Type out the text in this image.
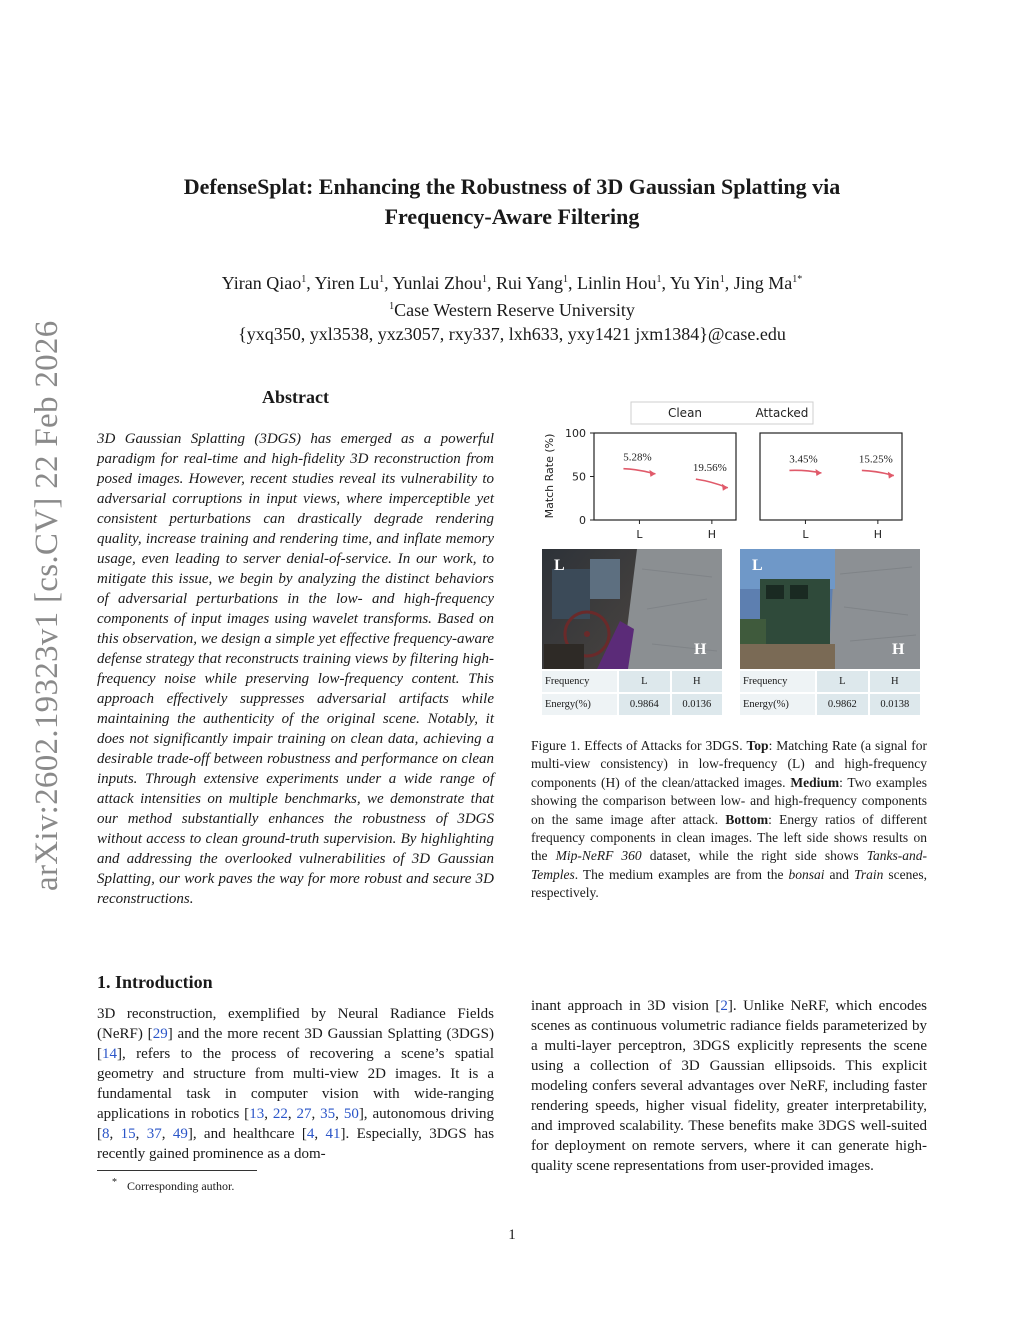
DefenseSplat: Enhancing the Robustness of 3D Gaussian Splatting via
Frequency-Aware Filtering
Yiran Qiao$^1$, Yiren Lu$^1$, Yunlai Zhou$^1$, Rui Yang$^1$, Linlin Hou$^1$, Yu Yin$^1$, Jing $Ma^{1*}$
$^1$Case Western Reserve University
{yxq350, yxl3538, yxz3057, rxy337, lxh633, yxy1421 jxm1384}@case.edu
arXiv:2602.19323v1 [cs.CV] 22 Feb 2026	Abstract
3D Gaussian Splatting (3DGS) has emerged as a powerful paradigm for real-time and high-fidelity 3D reconstruction from posed images. However, recent studies reveal its vulnerability to adversarial corruptions in input views, where imperceptible yet consistent perturbations can drastically degrade rendering quality, increase training and rendering time, and inflate memory usage, even leading to server denial-of-service. In our work, to mitigate this issue, we begin by analyzing the distinct behaviors of adversarial perturbations in the low- and high-frequency components of input images using wavelet transforms. Based on this observation, we design a simple yet effective frequency-aware defense strategy that reconstructs training views by filtering high-frequency noise while preserving low-frequency content. This approach effectively suppresses adversarial artifacts while maintaining the authenticity of the original scene. Notably, it does not significantly impair training on clean data, achieving a desirable trade-off between robustness and performance on clean inputs. Through extensive experiments under a wide range of attack intensities on multiple benchmarks, we demonstrate that our method substantially enhances the robustness of 3DGS without access to clean ground-truth supervision. By highlighting and addressing the overlooked vulnerabilities of 3D Gaussian Splatting, our work paves the way for more robust and secure 3D reconstructions.
1. Introduction
3D reconstruction, exemplified by Neural Radiance Fields (NeRF) [29] and the more recent 3D Gaussian Splatting (3DGS) [14], refers to the process of recovering a scene’s spatial geometry and structure from multi-view 2D images. It is a fundamental task in computer vision with wide-ranging applications in robotics [13, 22, 27, 35, 50], autonomous driving [8, 15, 37, 49], and healthcare [4, 41]. Especially, 3DGS has recently gained prominence as a dom-
inant approach in 3D vision [2]. Unlike NeRF, which encodes scenes as continuous volumetric radiance fields parameterized by a multi-layer perceptron, 3DGS explicitly represents the scene using a collection of 3D Gaussian ellipsoids. This explicit modeling confers several advantages over NeRF, including faster rendering speeds, higher visual fidelity, greater interpretability, and improved scalability. These benefits make 3DGS well-suited for deployment on remote servers, where it can generate high-quality scene representations from user-provided images.
* Corresponding author.
1
Clean	Attacked
Match Rate (%)
L	H
0
50
100
5.28%
19.56%
L	H
3.45%	15.25%
L
H
L
H
Frequency	L	H
Energy(%)	0.9864	0.0136
Frequency	L	H
Energy(%)	0.9862	0.0138
Figure 1. Effects of Attacks for 3DGS. Top: Matching Rate (a signal for multi-view consistency) in low-frequency (L) and high-frequency components (H) of the clean/attacked images. Medium: Two examples showing the comparison between low- and high-frequency components on the same image after attack. Bottom: Energy ratios of different frequency components in clean images. The left side shows results on the Mip-NeRF 360 dataset, while the right side shows Tanks-and-Temples. The medium examples are from the bonsai and Train scenes, respectively.
